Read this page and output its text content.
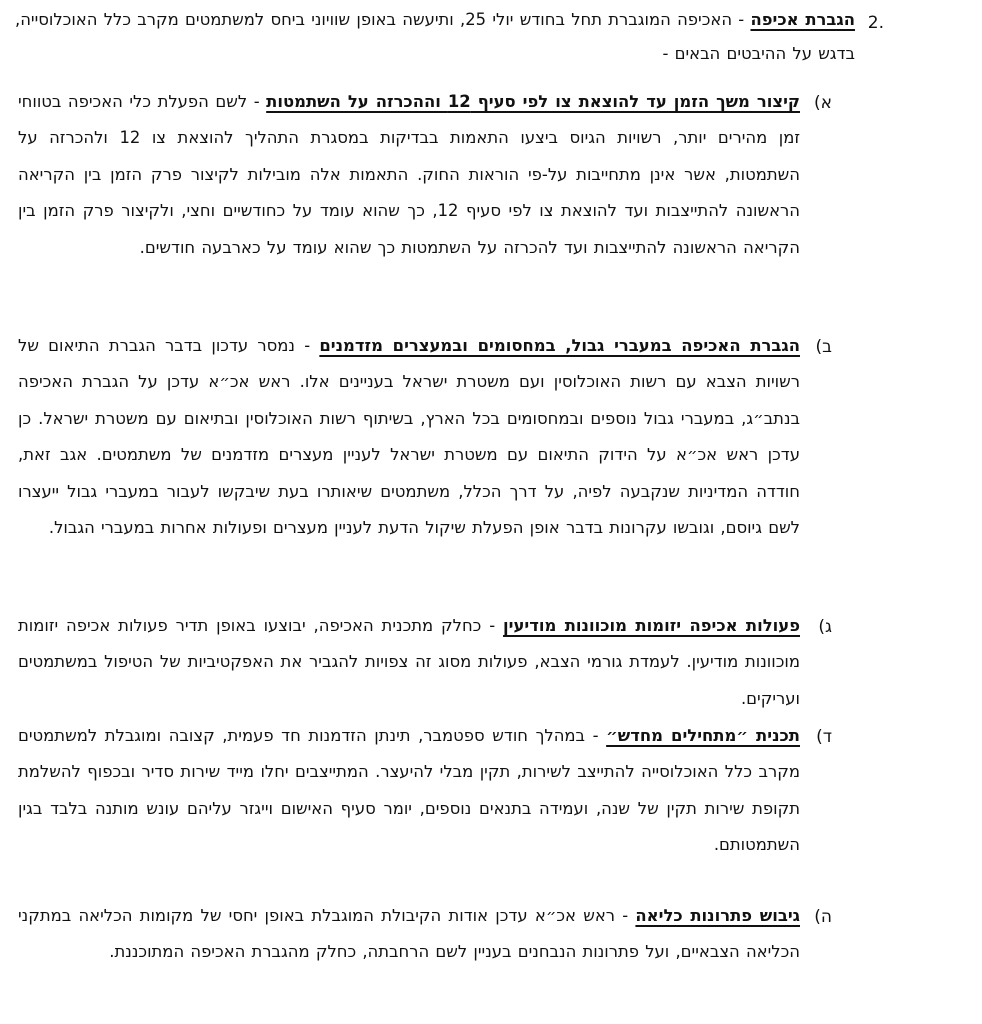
.2
הגברת אכיפה - האכיפה המוגברת תחל בחודש יולי 25, ותיעשה באופן שוויוני ביחס למשתמטים מקרב כלל האוכלוסייה, בדגש על ההיבטים הבאים -
א)
קיצור משך הזמן עד להוצאת צו לפי סעיף 12 וההכרזה על השתמטות - לשם הפעלת כלי האכיפה בטווחי זמן מהירים יותר, רשויות הגיוס ביצעו התאמות בבדיקות במסגרת התהליך להוצאת צו 12 ולהכרזה על השתמטות, אשר אינן מתחייבות על-פי הוראות החוק. התאמות אלה מובילות לקיצור פרק הזמן בין הקריאה הראשונה להתייצבות ועד להוצאת צו לפי סעיף 12, כך שהוא עומד על כחודשיים וחצי, ולקיצור פרק הזמן בין הקריאה הראשונה להתייצבות ועד להכרזה על השתמטות כך שהוא עומד על כארבעה חודשים.
ב)
הגברת האכיפה במעברי גבול, במחסומים ובמעצרים מזדמנים - נמסר עדכון בדבר הגברת התיאום של רשויות הצבא עם רשות האוכלוסין ועם משטרת ישראל בעניינים אלו. ראש אכ״א עדכן על הגברת האכיפה בנתב״ג, במעברי גבול נוספים ובמחסומים בכל הארץ, בשיתוף רשות האוכלוסין ובתיאום עם משטרת ישראל. כן עדכן ראש אכ״א על הידוק התיאום עם משטרת ישראל לעניין מעצרים מזדמנים של משתמטים. אגב זאת, חודדה המדיניות שנקבעה לפיה, על דרך הכלל, משתמטים שיאותרו בעת שיבקשו לעבור במעברי גבול ייעצרו לשם גיוסם, וגובשו עקרונות בדבר אופן הפעלת שיקול הדעת לעניין מעצרים ופעולות אחרות במעברי הגבול.
ג)
פעולות אכיפה יזומות מוכוונות מודיעין - כחלק מתכנית האכיפה, יבוצעו באופן תדיר פעולות אכיפה יזומות מוכוונות מודיעין. לעמדת גורמי הצבא, פעולות מסוג זה צפויות להגביר את האפקטיביות של הטיפול במשתמטים ועריקים.
ד)
תכנית ״מתחילים מחדש״ - במהלך חודש ספטמבר, תינתן הזדמנות חד פעמית, קצובה ומוגבלת למשתמטים מקרב כלל האוכלוסייה להתייצב לשירות, תקין מבלי להיעצר. המתייצבים יחלו מייד שירות סדיר ובכפוף להשלמת תקופת שירות תקין של שנה, ועמידה בתנאים נוספים, יומר סעיף האישום וייגזר עליהם עונש מותנה בלבד בגין השתמטותם.
ה)
גיבוש פתרונות כליאה - ראש אכ״א עדכן אודות הקיבולת המוגבלת באופן יחסי של מקומות הכליאה במתקני הכליאה הצבאיים, ועל פתרונות הנבחנים בעניין לשם הרחבתה, כחלק מהגברת האכיפה המתוכננת.
